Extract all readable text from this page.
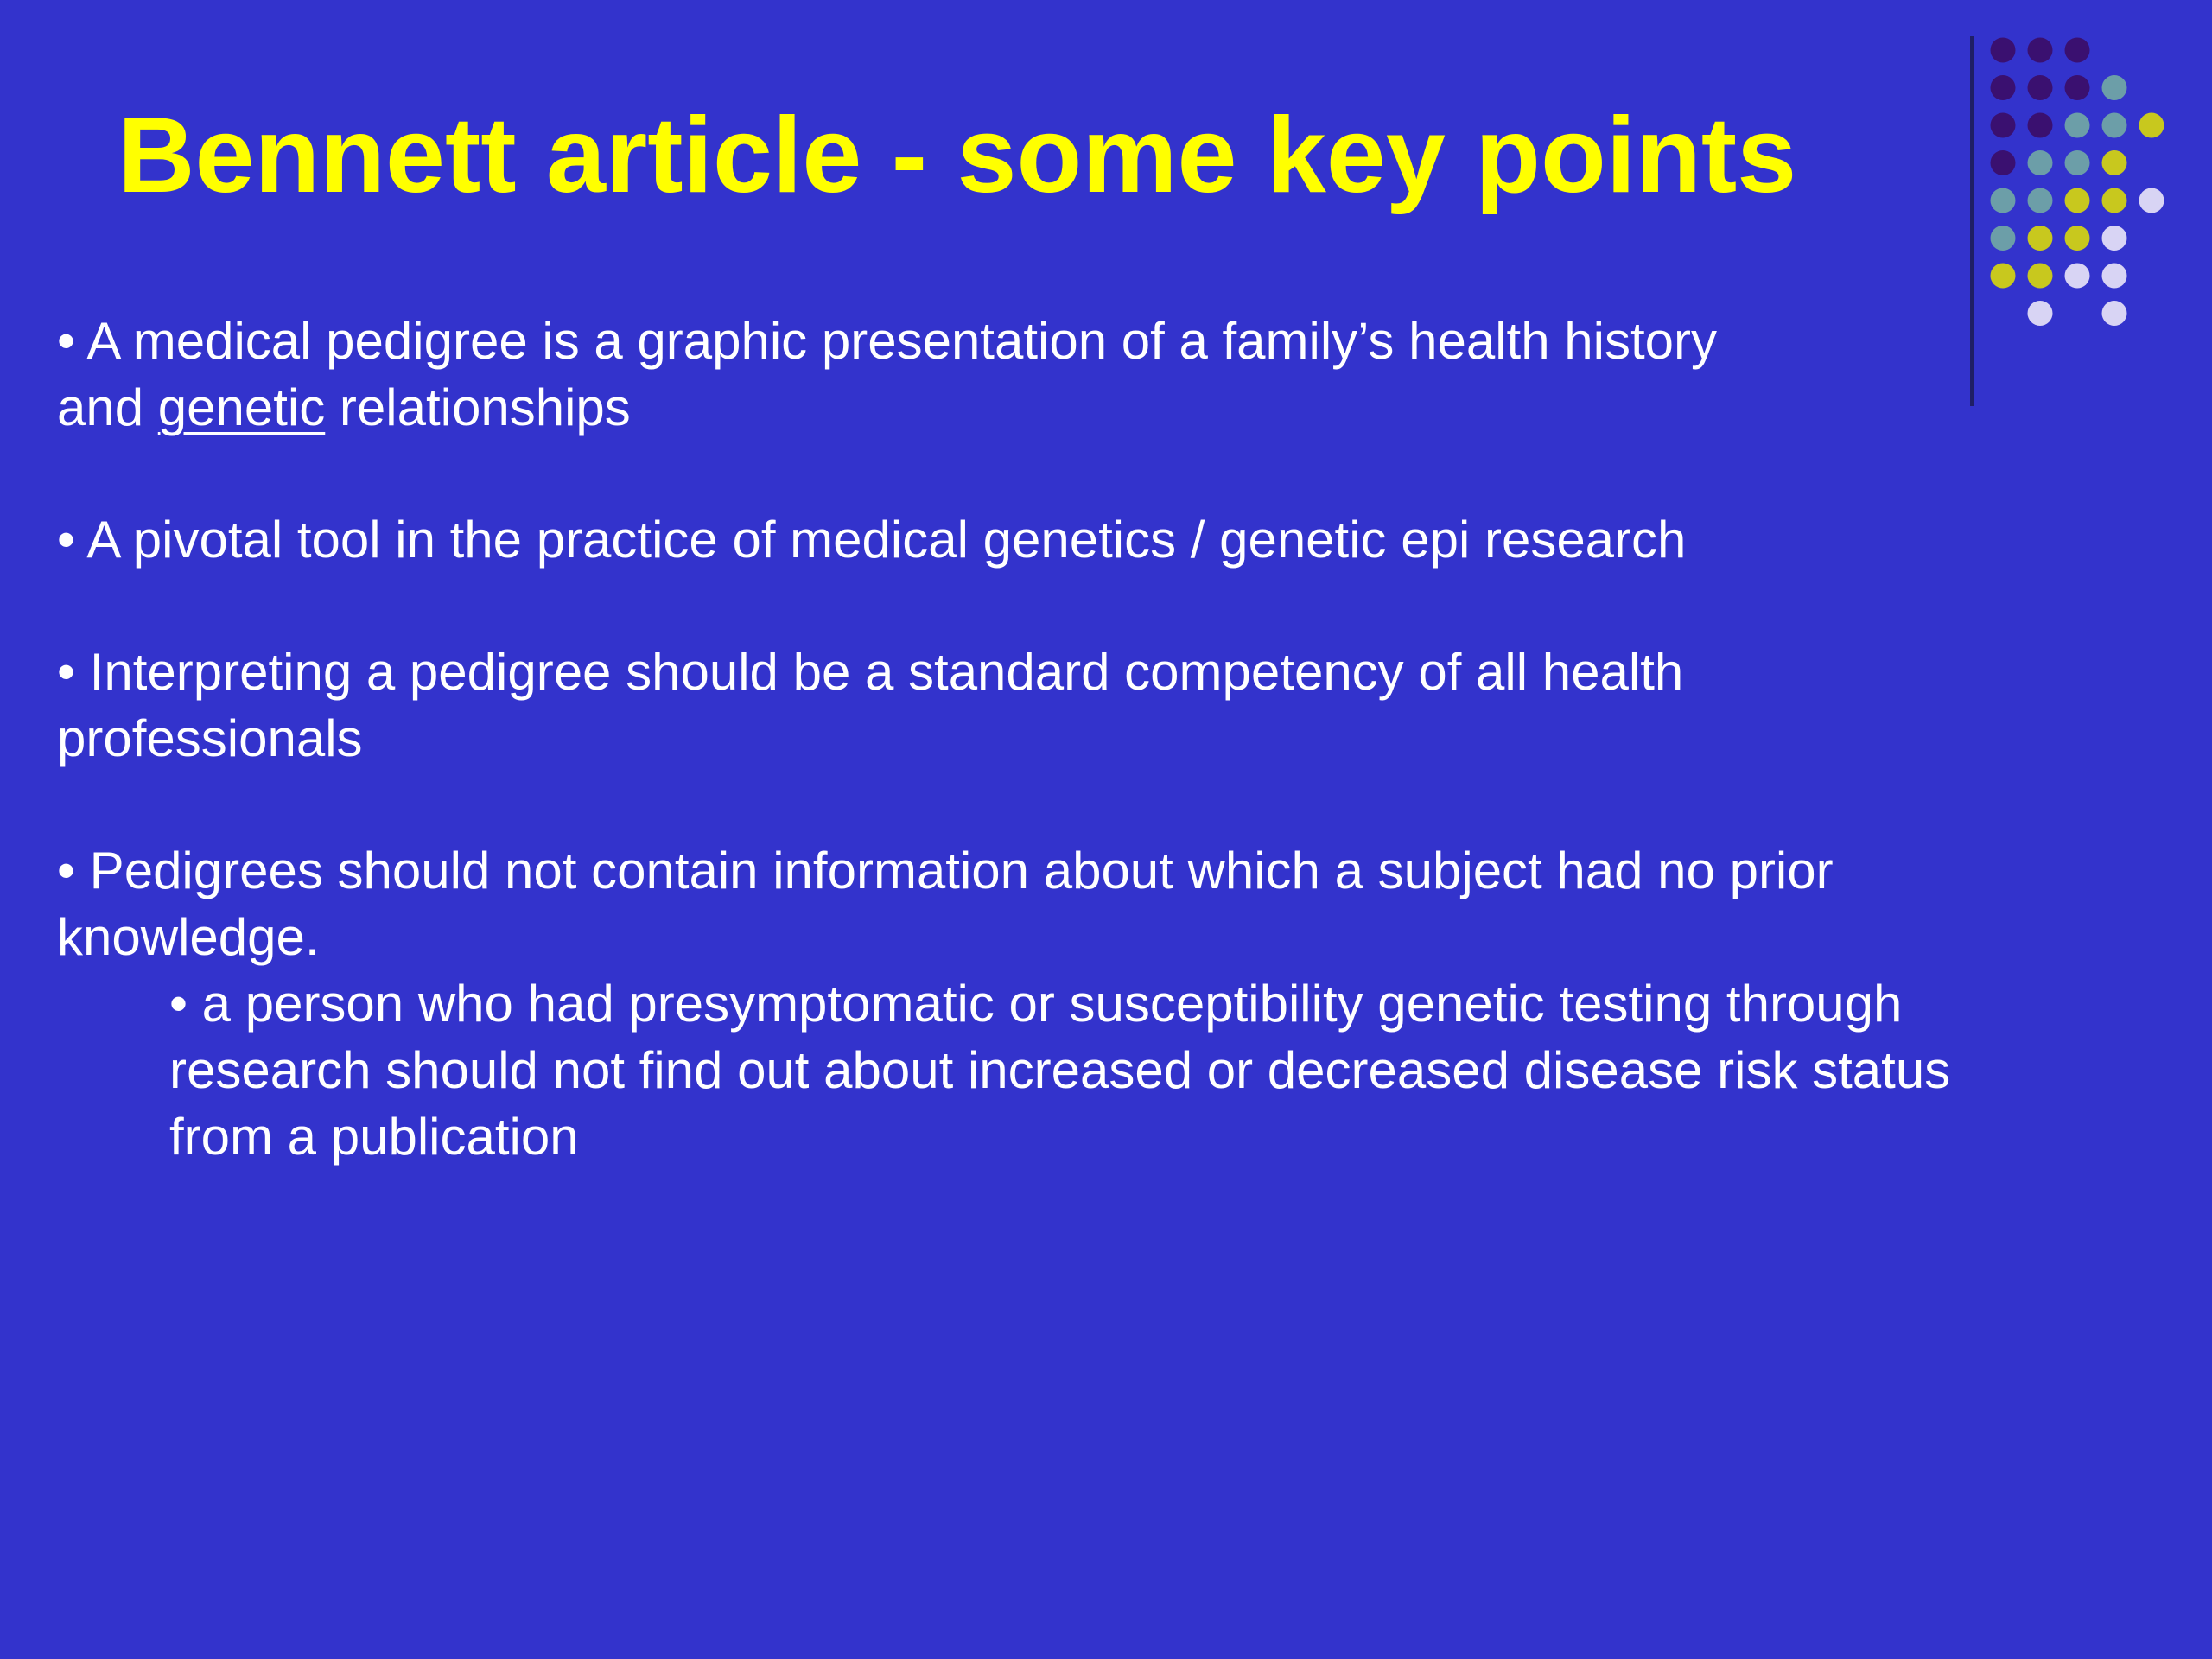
Bennett article - some key points

• A medical pedigree is a graphic presentation of a family’s health history

and genetic relationships

• A pivotal tool in the practice of medical genetics / genetic epi research

• Interpreting a pedigree should be a standard competency of all health

professionals

• Pedigrees should not contain information about which a subject had no prior

knowledge.

• a person who had presymptomatic or susceptibility genetic testing through

research should not find out about increased or decreased disease risk status

from a publication
